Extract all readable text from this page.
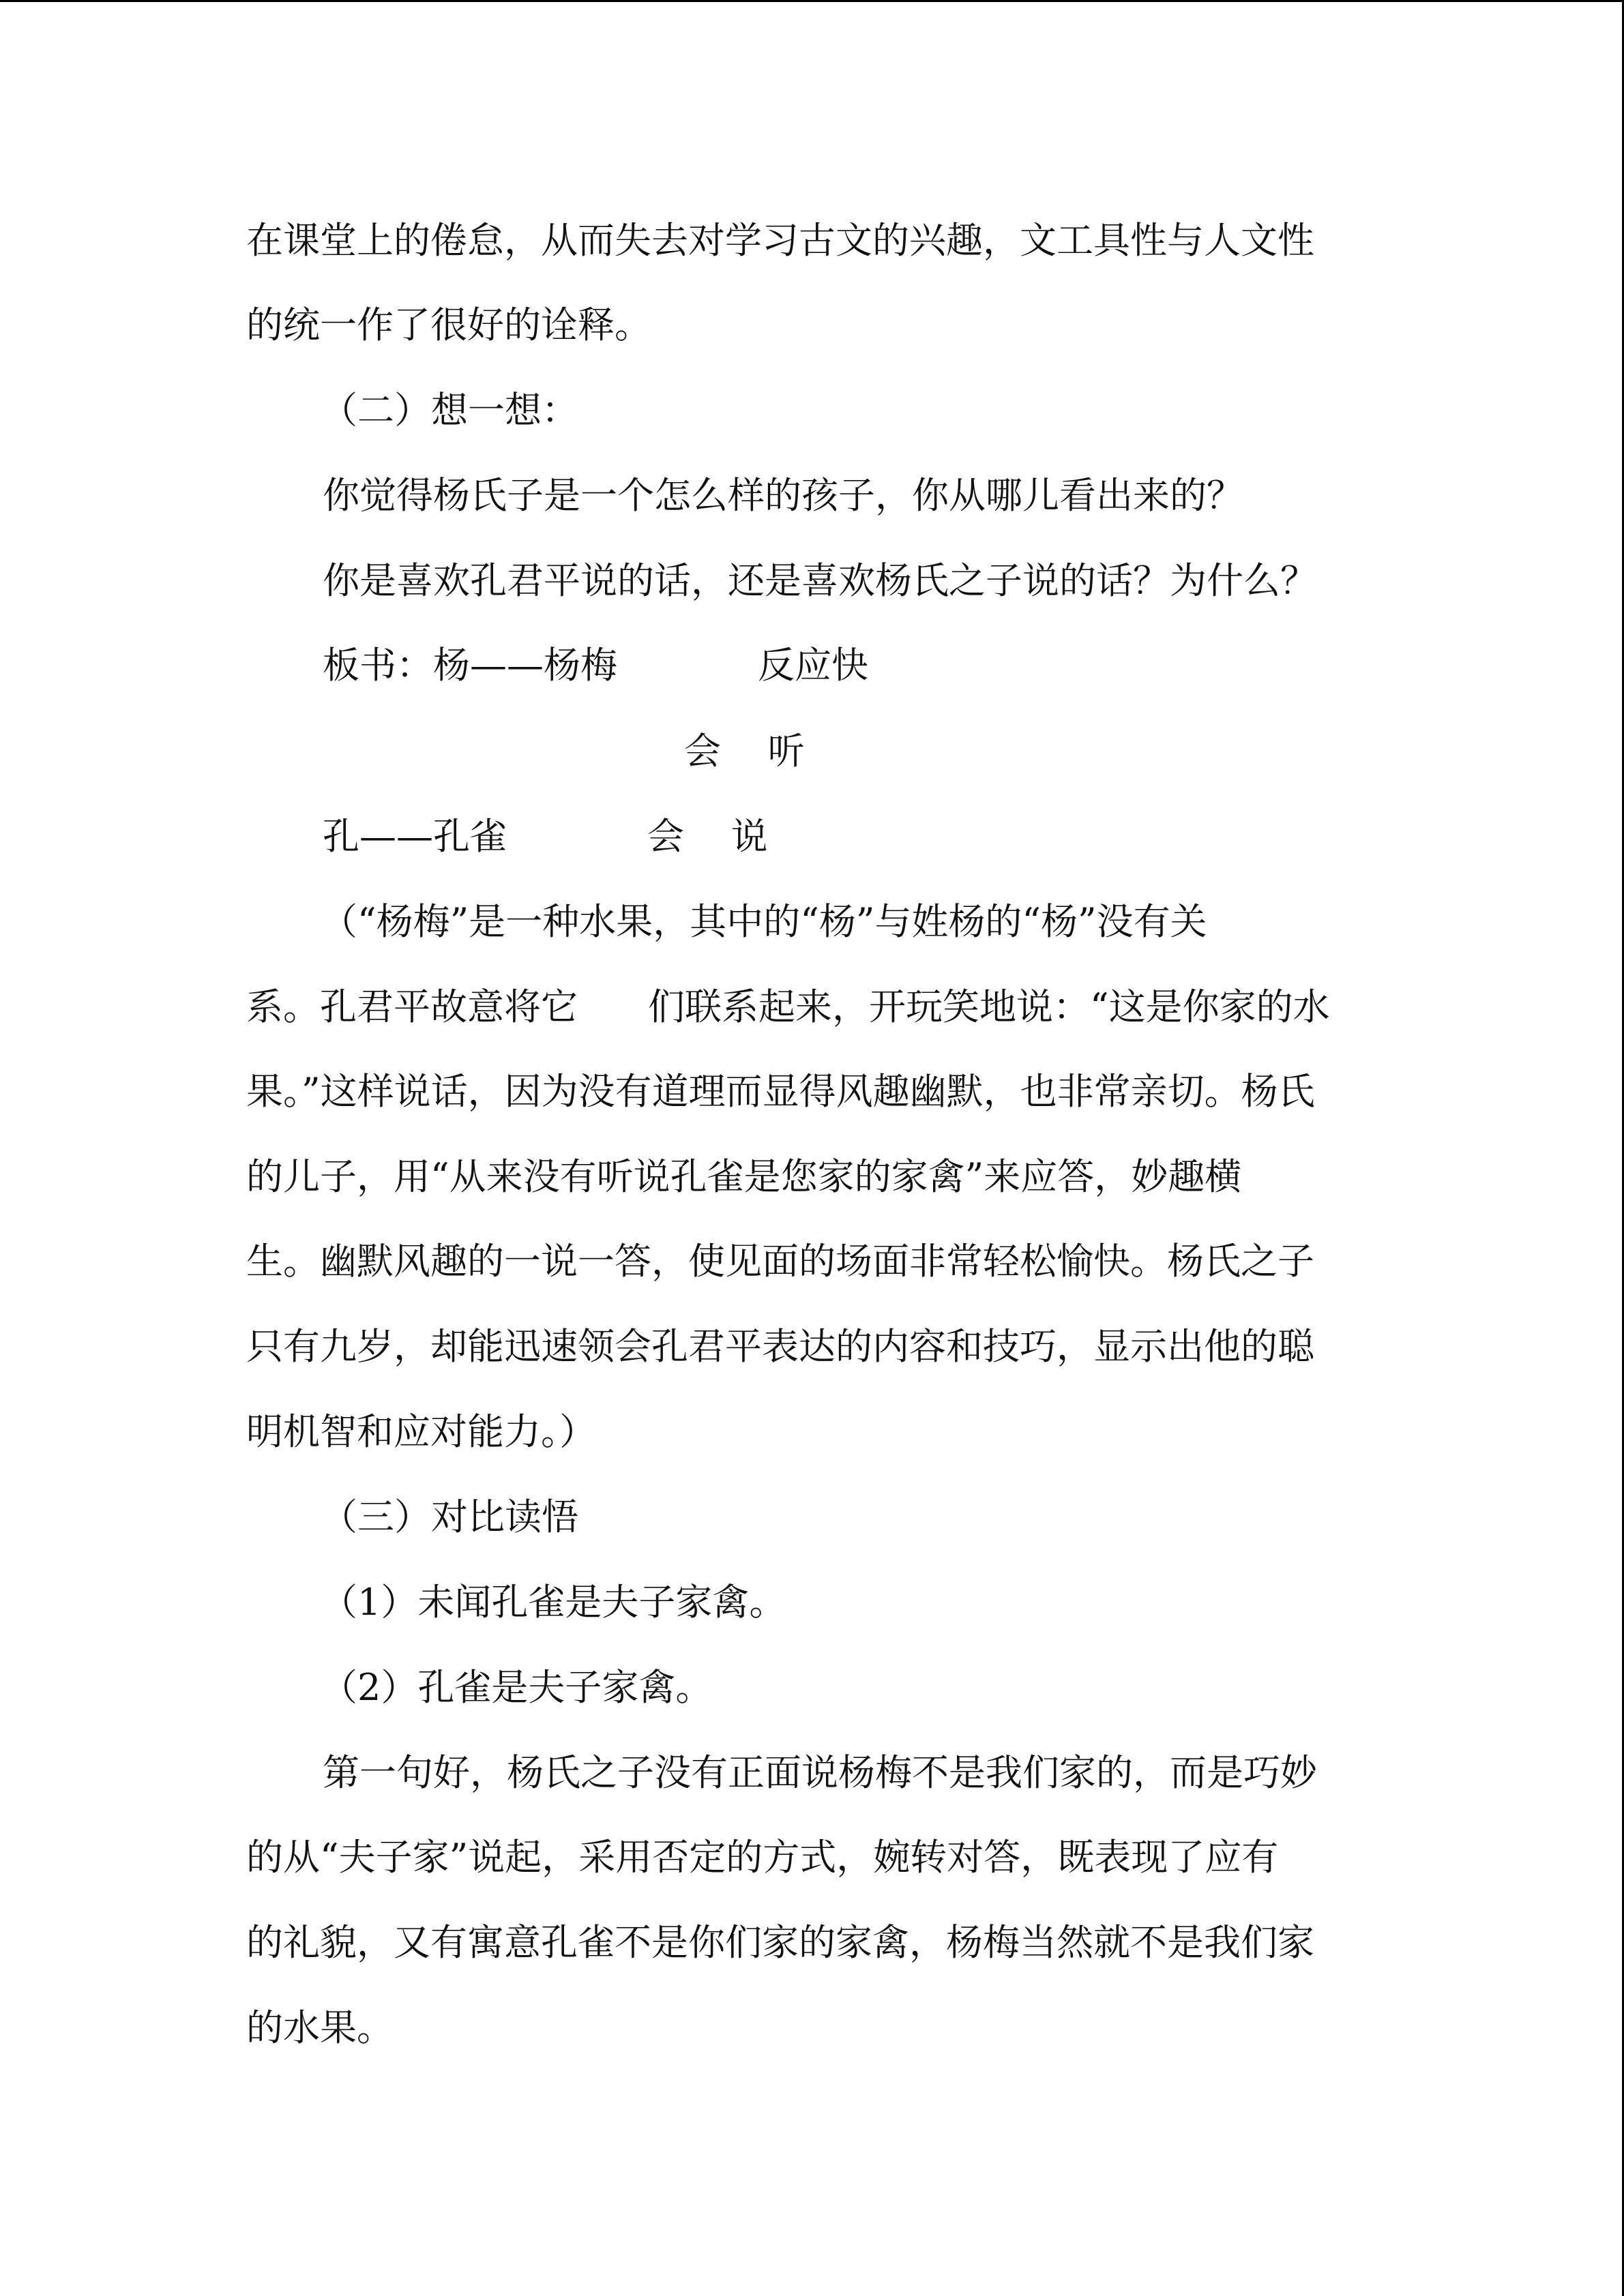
在课堂上的倦怠，从而失去对学习古文的兴趣，文工具性与人文性
的统一作了很好的诠释。
（二）想一想：
你觉得杨氏子是一个怎么样的孩子，你从哪儿看出来的？
你是喜欢孔君平说的话，还是喜欢杨氏之子说的话？为什么？
板书：杨——杨梅            反应快
会    听
孔——孔雀            会    说
（“杨梅”是一种水果，其中的“杨”与姓杨的“杨”没有关
系。孔君平故意将它      们联系起来，开玩笑地说：“这是你家的水
果。”这样说话，因为没有道理而显得风趣幽默，也非常亲切。杨氏
的儿子，用“从来没有听说孔雀是您家的家禽”来应答，妙趣横
生。幽默风趣的一说一答，使见面的场面非常轻松愉快。杨氏之子
只有九岁，却能迅速领会孔君平表达的内容和技巧，显示出他的聪
明机智和应对能力。）
（三）对比读悟
（1）未闻孔雀是夫子家禽。
（2）孔雀是夫子家禽。
第一句好，杨氏之子没有正面说杨梅不是我们家的，而是巧妙
的从“夫子家”说起，采用否定的方式，婉转对答，既表现了应有
的礼貌，又有寓意孔雀不是你们家的家禽，杨梅当然就不是我们家
的水果。
